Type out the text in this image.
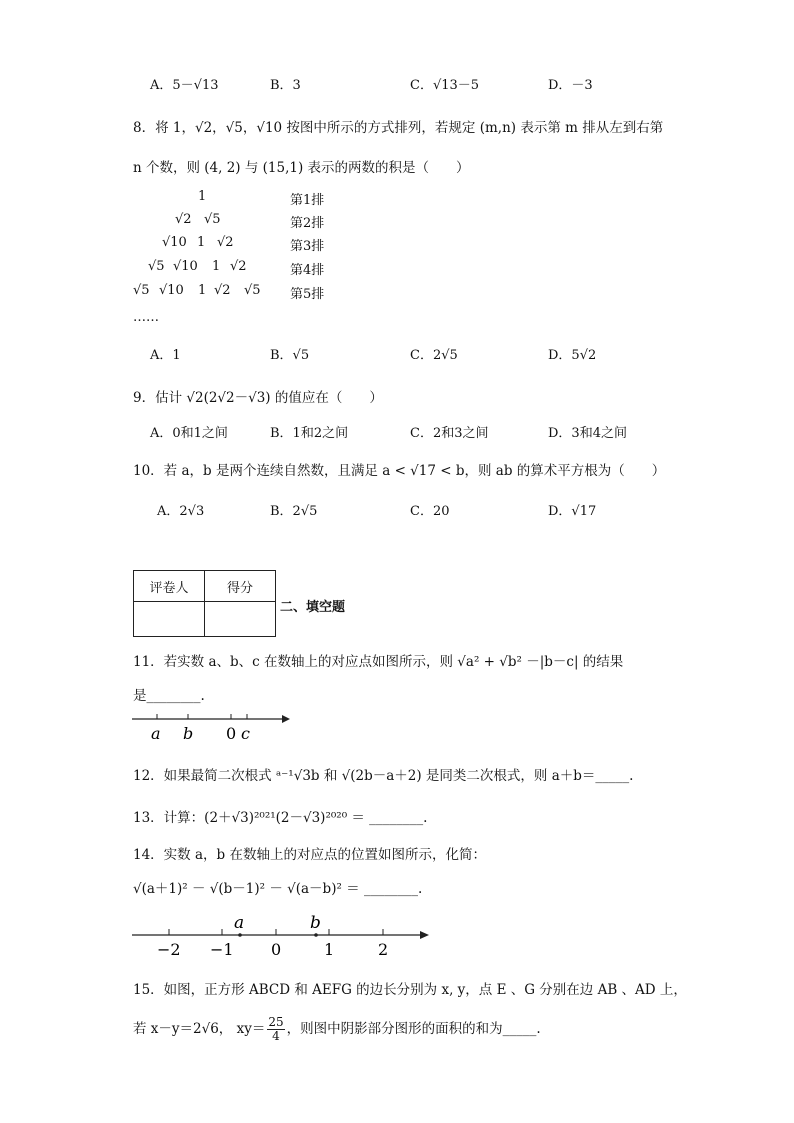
A．5－√13	B．3	C．√13－5	D．－3
8．将 1，√2，√5，√10 按图中所示的方式排列，若规定 (m,n) 表示第 m 排从左到右第
n 个数，则 (4, 2) 与 (15,1) 表示的两数的积是（　　）
1
√2 √5
√10 1 √2
√5 √10 1 √2
√5 √10 1 √2 √5
第1排
第2排
第3排
第4排
第5排
……
A．1	B．√5	C．2√5	D．5√2
9．估计 √2(2√2－√3) 的值应在（　　）
A．0和1之间	B．1和2之间	C．2和3之间	D．3和4之间
10．若 a，b 是两个连续自然数，且满足 a < √17 < b，则 ab 的算术平方根为（　　）
A．2√3	B．2√5	C．20	D．√17
评卷人	得分

二、填空题
11．若实数 a、b、c 在数轴上的对应点如图所示，则 √a² + √b² －|b－c| 的结果
是________.
a b 0 c
12．如果最简二次根式 ᵃ⁻¹√3b 和 √(2b－a＋2) 是同类二次根式，则 a＋b＝_____.
13．计算：(2＋√3)²⁰²¹(2－√3)²⁰²⁰ ＝ ________.
14．实数 a，b 在数轴上的对应点的位置如图所示，化简：
√(a＋1)² － √(b－1)² － √(a－b)² ＝ ________.
a	b
−2 −1 0	1	2
15．如图，正方形 ABCD 和 AEFG 的边长分别为 x, y，点 E 、G 分别在边 AB 、AD 上，
若 x－y＝2√6， $xy= \frac{25}{4}$ ，则图中阴影部分图形的面积的和为_____.
